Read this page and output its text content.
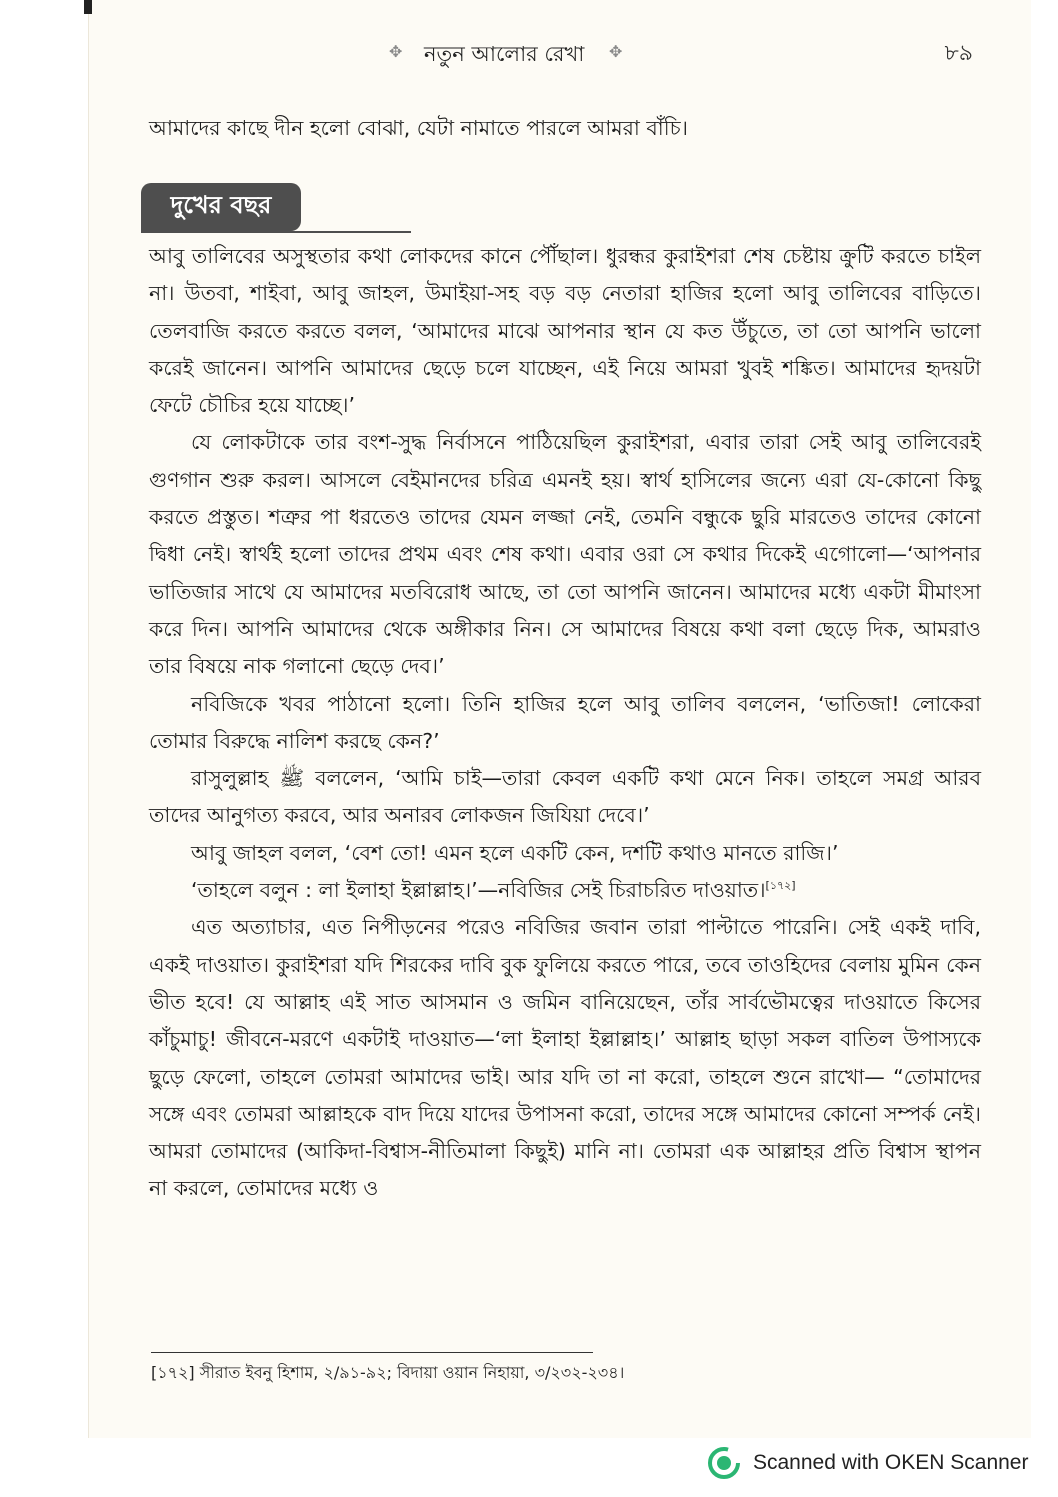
✥ নতুন আলোর রেখা ✥	৮৯

আমাদের কাছে দীন হলো বোঝা, যেটা নামাতে পারলে আমরা বাঁচি।

দুখের বছর

আবু তালিবের অসুস্থতার কথা লোকদের কানে পৌঁছাল। ধুরন্ধর কুরাইশরা শেষ চেষ্টায় ক্রুটি করতে চাইল না। উতবা, শাইবা, আবু জাহল, উমাইয়া-সহ বড় বড় নেতারা হাজির হলো আবু তালিবের বাড়িতে। তেলবাজি করতে করতে বলল, ‘আমাদের মাঝে আপনার স্থান যে কত উঁচুতে, তা তো আপনি ভালো করেই জানেন। আপনি আমাদের ছেড়ে চলে যাচ্ছেন, এই নিয়ে আমরা খুবই শঙ্কিত। আমাদের হৃদয়টা ফেটে চৌচির হয়ে যাচ্ছে।’

যে লোকটাকে তার বংশ-সুদ্ধ নির্বাসনে পাঠিয়েছিল কুরাইশরা, এবার তারা সেই আবু তালিবেরই গুণগান শুরু করল। আসলে বেইমানদের চরিত্র এমনই হয়। স্বার্থ হাসিলের জন্যে এরা যে-কোনো কিছু করতে প্রস্তুত। শত্রুর পা ধরতেও তাদের যেমন লজ্জা নেই, তেমনি বন্ধুকে ছুরি মারতেও তাদের কোনো দ্বিধা নেই। স্বার্থই হলো তাদের প্রথম এবং শেষ কথা। এবার ওরা সে কথার দিকেই এগোলো—‘আপনার ভাতিজার সাথে যে আমাদের মতবিরোধ আছে, তা তো আপনি জানেন। আমাদের মধ্যে একটা মীমাংসা করে দিন। আপনি আমাদের থেকে অঙ্গীকার নিন। সে আমাদের বিষয়ে কথা বলা ছেড়ে দিক, আমরাও তার বিষয়ে নাক গলানো ছেড়ে দেব।’

নবিজিকে খবর পাঠানো হলো। তিনি হাজির হলে আবু তালিব বললেন, ‘ভাতিজা! লোকেরা তোমার বিরুদ্ধে নালিশ করছে কেন?’

রাসুলুল্লাহ ﷺ বললেন, ‘আমি চাই—তারা কেবল একটি কথা মেনে নিক। তাহলে সমগ্র আরব তাদের আনুগত্য করবে, আর অনারব লোকজন জিযিয়া দেবে।’

আবু জাহল বলল, ‘বেশ তো! এমন হলে একটি কেন, দশটি কথাও মানতে রাজি।’

‘তাহলে বলুন : লা ইলাহা ইল্লাল্লাহ।’—নবিজির সেই চিরাচরিত দাওয়াত।[১৭২]

এত অত্যাচার, এত নিপীড়নের পরেও নবিজির জবান তারা পাল্টাতে পারেনি। সেই একই দাবি, একই দাওয়াত। কুরাইশরা যদি শিরকের দাবি বুক ফুলিয়ে করতে পারে, তবে তাওহিদের বেলায় মুমিন কেন ভীত হবে! যে আল্লাহ এই সাত আসমান ও জমিন বানিয়েছেন, তাঁর সার্বভৌমত্বের দাওয়াতে কিসের কাঁচুমাচু! জীবনে-মরণে একটাই দাওয়াত—‘লা ইলাহা ইল্লাল্লাহ।’ আল্লাহ ছাড়া সকল বাতিল উপাস্যকে ছুড়ে ফেলো, তাহলে তোমরা আমাদের ভাই। আর যদি তা না করো, তাহলে শুনে রাখো— “তোমাদের সঙ্গে এবং তোমরা আল্লাহকে বাদ দিয়ে যাদের উপাসনা করো, তাদের সঙ্গে আমাদের কোনো সম্পর্ক নেই। আমরা তোমাদের (আকিদা-বিশ্বাস-নীতিমালা কিছুই) মানি না। তোমরা এক আল্লাহর প্রতি বিশ্বাস স্থাপন না করলে, তোমাদের মধ্যে ও

[১৭২] সীরাত ইবনু হিশাম, ২/৯১-৯২; বিদায়া ওয়ান নিহায়া, ৩/২৩২-২৩৪।
Scanned with OKEN Scanner
